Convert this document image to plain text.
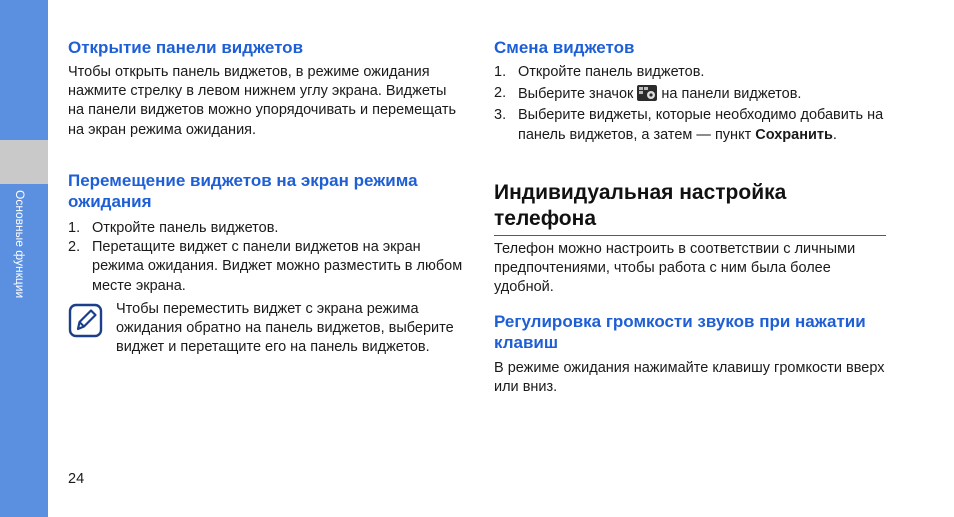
Основные функции
Открытие панели виджетов

Чтобы открыть панель виджетов, в режиме ожидания нажмите стрелку в левом нижнем углу экрана. Виджеты на панели виджетов можно упорядочивать и перемещать на экран режима ожидания.

Перемещение виджетов на экран режима ожидания
1. Откройте панель виджетов.
2. Перетащите виджет с панели виджетов на экран режима ожидания. Виджет можно разместить в любом месте экрана.

Чтобы переместить виджет с экрана режима ожидания обратно на панель виджетов, выберите виджет и перетащите его на панель виджетов.

Смена виджетов
1. Откройте панель виджетов.
2. Выберите значок на панели виджетов.
3. Выберите виджеты, которые необходимо добавить на панель виджетов, а затем — пункт Сохранить.
Индивидуальная настройка телефона

Телефон можно настроить в соответствии с личными предпочтениями, чтобы работа с ним была более удобной.

Регулировка громкости звуков при нажатии клавиш

В режиме ожидания нажимайте клавишу громкости вверх или вниз.

24
